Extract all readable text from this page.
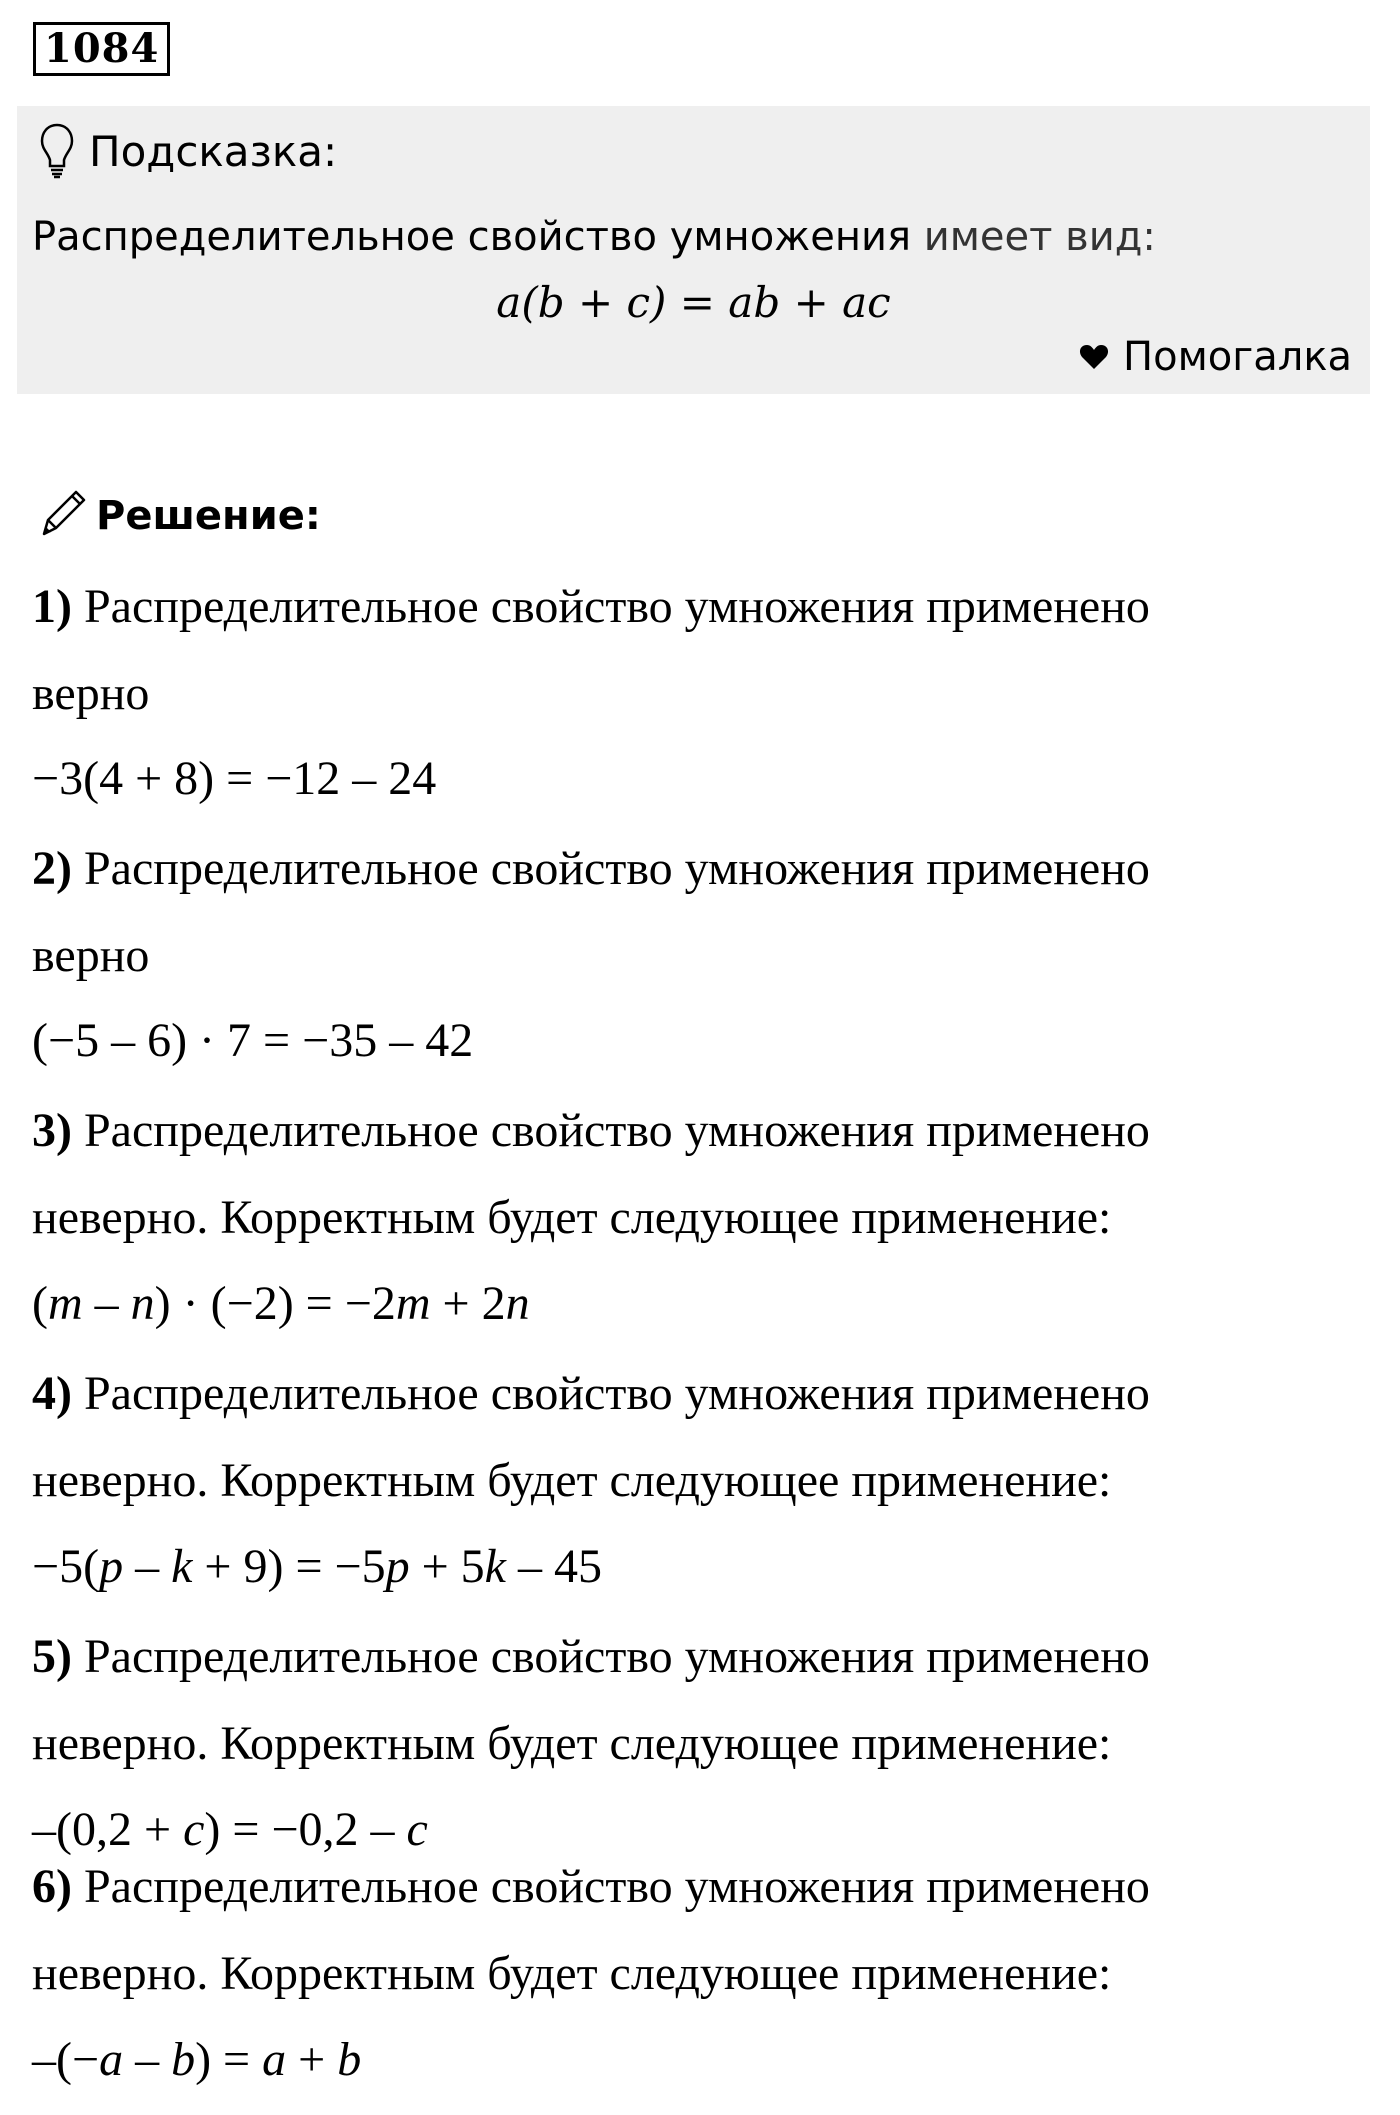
1084
Подсказка:
Распределительное свойство умножения имеет вид:
a(b + c) = ab + ac
Помогалка
Решение:
1) Распределительное свойство умножения применено
верно
−3(4 + 8) = −12 – 24
2) Распределительное свойство умножения применено
верно
(−5 – 6) · 7 = −35 – 42
3) Распределительное свойство умножения применено
неверно. Корректным будет следующее применение:
(m – n) · (−2) = −2m + 2n
4) Распределительное свойство умножения применено
неверно. Корректным будет следующее применение:
−5(p – k + 9) = −5p + 5k – 45
5) Распределительное свойство умножения применено
неверно. Корректным будет следующее применение:
–(0,2 + c) = −0,2 – c
6) Распределительное свойство умножения применено
неверно. Корректным будет следующее применение:
–(−a – b) = a + b
